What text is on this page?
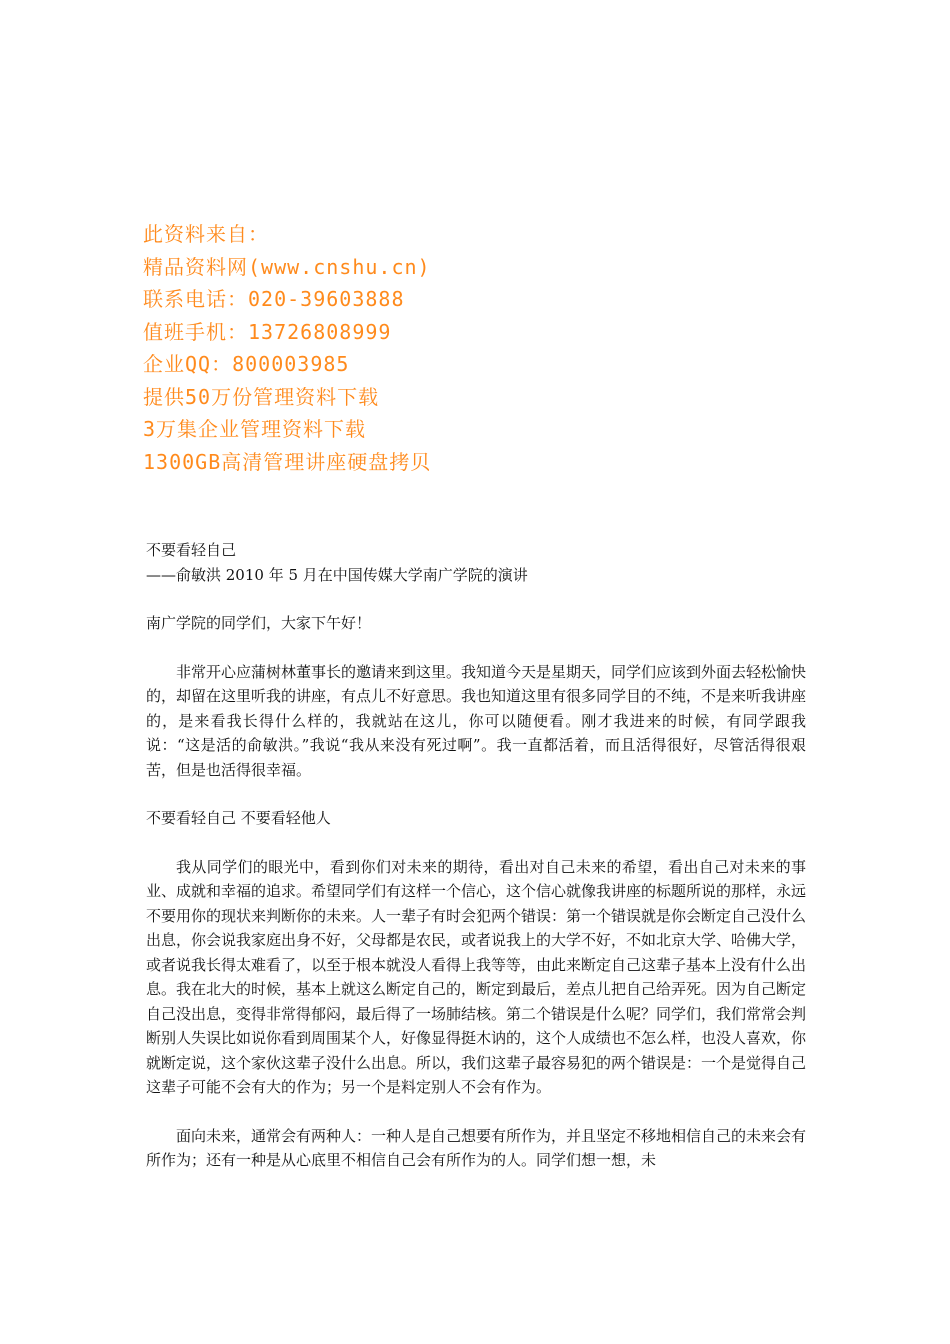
此资料来自：
精品资料网(www.cnshu.cn)
联系电话：020-39603888
值班手机：13726808999
企业QQ：800003985
提供50万份管理资料下载
3万集企业管理资料下载
1300GB高清管理讲座硬盘拷贝

不要看轻自己

——俞敏洪 2010 年 5 月在中国传媒大学南广学院的演讲

南广学院的同学们，大家下午好！

非常开心应蒲树林董事长的邀请来到这里。我知道今天是星期天，同学们应该到外面去轻松愉快的，却留在这里听我的讲座，有点儿不好意思。我也知道这里有很多同学目的不纯，不是来听我讲座的，是来看我长得什么样的，我就站在这儿，你可以随便看。刚才我进来的时候，有同学跟我说：“这是活的俞敏洪。”我说“我从来没有死过啊”。我一直都活着，而且活得很好，尽管活得很艰苦，但是也活得很幸福。

不要看轻自己 不要看轻他人

我从同学们的眼光中，看到你们对未来的期待，看出对自己未来的希望，看出自己对未来的事业、成就和幸福的追求。希望同学们有这样一个信心，这个信心就像我讲座的标题所说的那样，永远不要用你的现状来判断你的未来。人一辈子有时会犯两个错误：第一个错误就是你会断定自己没什么出息，你会说我家庭出身不好，父母都是农民，或者说我上的大学不好，不如北京大学、哈佛大学，或者说我长得太难看了，以至于根本就没人看得上我等等，由此来断定自己这辈子基本上没有什么出息。我在北大的时候，基本上就这么断定自己的，断定到最后，差点儿把自己给弄死。因为自己断定自己没出息，变得非常得郁闷，最后得了一场肺结核。第二个错误是什么呢？同学们，我们常常会判断别人失误比如说你看到周围某个人，好像显得挺木讷的，这个人成绩也不怎么样，也没人喜欢，你就断定说，这个家伙这辈子没什么出息。所以，我们这辈子最容易犯的两个错误是：一个是觉得自己这辈子可能不会有大的作为；另一个是料定别人不会有作为。

面向未来，通常会有两种人：一种人是自己想要有所作为，并且坚定不移地相信自己的未来会有所作为；还有一种是从心底里不相信自己会有所作为的人。同学们想一想，未
